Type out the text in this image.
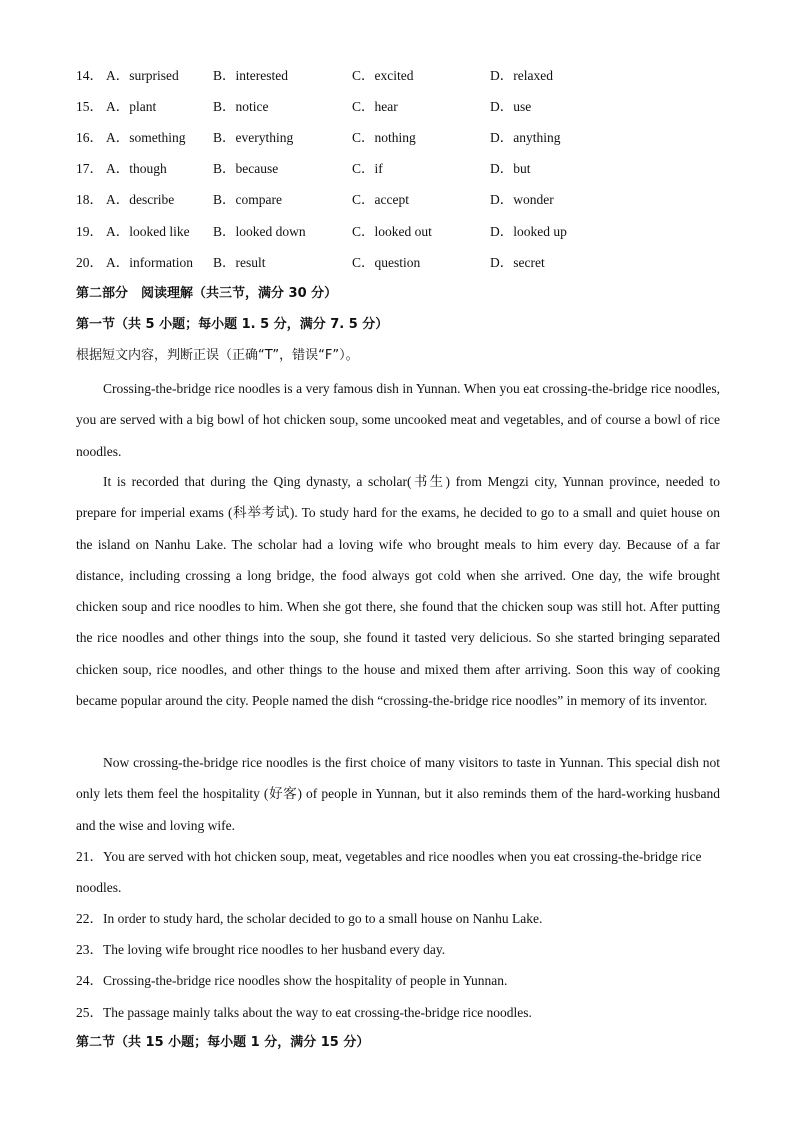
14． A．surprised	B．interested	C．excited	D．relaxed
15． A．plant	B．notice	C．hear	D．use
16． A．something B．everything	C．nothing	D．anything
17． A．though	B．because	C．if	D．but
18． A．describe	B．compare	C．accept	D．wonder
19． A．looked like B．looked down	C．looked out	D．looked up
20． A．information B．result	C．question	D．secret
第二部分　阅读理解（共三节，满分 30 分）
第一节（共 5 小题；每小题 1. 5 分，满分 7. 5 分）
根据短文内容，判断正误（正确“T”，错误“F”）。
Crossing-the-bridge rice noodles is a very famous dish in Yunnan. When you eat crossing-the-bridge rice noodles, you are served with a big bowl of hot chicken soup, some uncooked meat and vegetables, and of course a bowl of rice noodles.
It is recorded that during the Qing dynasty, a scholar(书生) from Mengzi city, Yunnan province, needed to prepare for imperial exams (科举考试). To study hard for the exams, he decided to go to a small and quiet house on the island on Nanhu Lake. The scholar had a loving wife who brought meals to him every day. Because of a far distance, including crossing a long bridge, the food always got cold when she arrived. One day, the wife brought chicken soup and rice noodles to him. When she got there, she found that the chicken soup was still hot. After putting the rice noodles and other things into the soup, she found it tasted very delicious. So she started bringing separated chicken soup, rice noodles, and other things to the house and mixed them after arriving. Soon this way of cooking became popular around the city. People named the dish “crossing-the-bridge rice noodles” in memory of its inventor.
Now crossing-the-bridge rice noodles is the first choice of many visitors to taste in Yunnan. This special dish not only lets them feel the hospitality (好客) of people in Yunnan, but it also reminds them of the hard-working husband and the wise and loving wife.
21．You are served with hot chicken soup, meat, vegetables and rice noodles when you eat crossing-the-bridge rice noodles.
22．In order to study hard, the scholar decided to go to a small house on Nanhu Lake.
23．The loving wife brought rice noodles to her husband every day.
24．Crossing-the-bridge rice noodles show the hospitality of people in Yunnan.
25．The passage mainly talks about the way to eat crossing-the-bridge rice noodles.
第二节（共 15 小题；每小题 1 分，满分 15 分）
